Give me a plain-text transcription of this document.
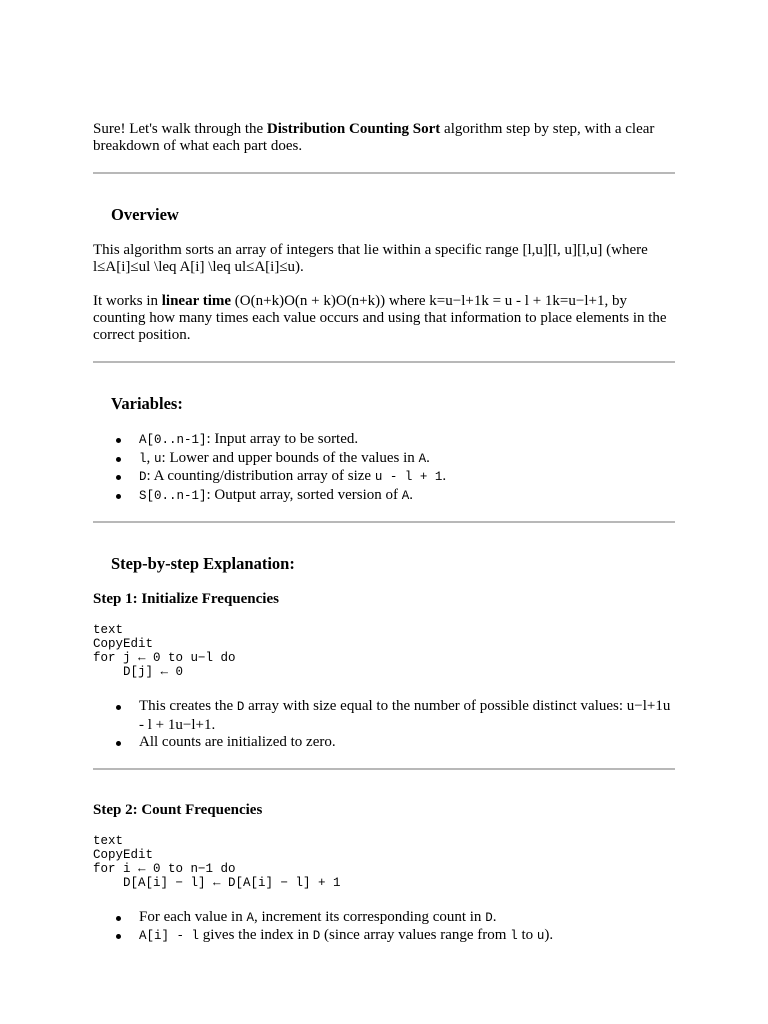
Sure! Let's walk through the Distribution Counting Sort algorithm step by step, with a clear breakdown of what each part does.

Overview

This algorithm sorts an array of integers that lie within a specific range [l,u][l, u][l,u] (where l≤A[i]≤ul \leq A[i] \leq ul≤A[i]≤u).

It works in linear time (O(n+k)O(n + k)O(n+k)) where k=u−l+1k = u - l + 1k=u−l+1, by counting how many times each value occurs and using that information to place elements in the correct position.

Variables:
A[0..n-1]: Input array to be sorted.
l, u: Lower and upper bounds of the values in A.
D: A counting/distribution array of size u - l + 1.
S[0..n-1]: Output array, sorted version of A.
Step-by-step Explanation:
Step 1: Initialize Frequencies
text
CopyEdit
for j ← 0 to u−l do
D[j] ← 0
This creates the D array with size equal to the number of possible distinct values: u−l+1u - l + 1u−l+1.
All counts are initialized to zero.
Step 2: Count Frequencies
text
CopyEdit
for i ← 0 to n−1 do
D[A[i] − l] ← D[A[i] − l] + 1
For each value in A, increment its corresponding count in D.
A[i] - l gives the index in D (since array values range from l to u).
